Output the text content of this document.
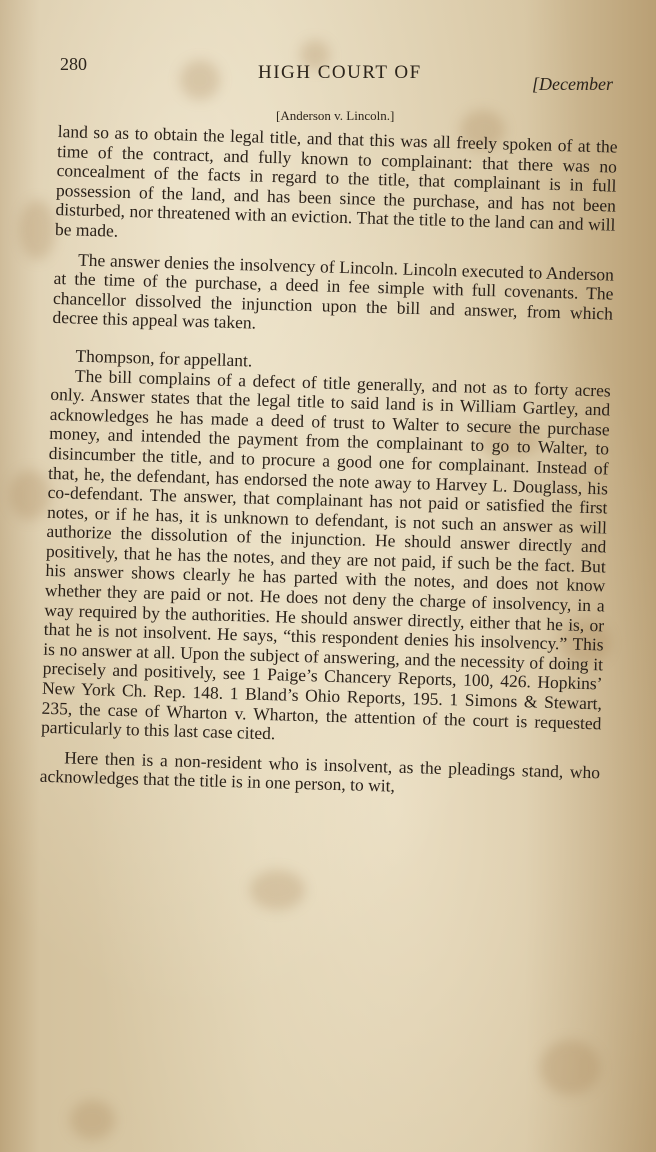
280	HIGH COURT OF
[December
[Anderson v. Lincoln.]

land so as to obtain the legal title, and that this was all freely spoken of at the time of the contract, and fully known to complainant: that there was no concealment of the facts in regard to the title, that complainant is in full possession of the land, and has been since the purchase, and has not been disturbed, nor threatened with an eviction. That the title to the land can and will be made.

The answer denies the insolvency of Lincoln. Lincoln executed to Anderson at the time of the purchase, a deed in fee simple with full covenants. The chancellor dissolved the injunction upon the bill and answer, from which decree this appeal was taken.

Thompson, for appellant.

The bill complains of a defect of title generally, and not as to forty acres only. Answer states that the legal title to said land is in William Gartley, and acknowledges he has made a deed of trust to Walter to secure the purchase money, and intended the payment from the complainant to go to Walter, to disincumber the title, and to procure a good one for complainant. Instead of that, he, the defendant, has endorsed the note away to Harvey L. Douglass, his co-defendant. The answer, that complainant has not paid or satisfied the first notes, or if he has, it is unknown to defendant, is not such an answer as will authorize the dissolution of the injunction. He should answer directly and positively, that he has the notes, and they are not paid, if such be the fact. But his answer shows clearly he has parted with the notes, and does not know whether they are paid or not. He does not deny the charge of insolvency, in a way required by the authorities. He should answer directly, either that he is, or that he is not insolvent. He says, “this respondent denies his insolvency.” This is no answer at all. Upon the subject of answering, and the necessity of doing it precisely and positively, see 1 Paige’s Chancery Reports, 100, 426. Hopkins’ New York Ch. Rep. 148. 1 Bland’s Ohio Reports, 195. 1 Simons & Stewart, 235, the case of Wharton v. Wharton, the attention of the court is requested particularly to this last case cited.

Here then is a non-resident who is insolvent, as the pleadings stand, who acknowledges that the title is in one person, to wit,
